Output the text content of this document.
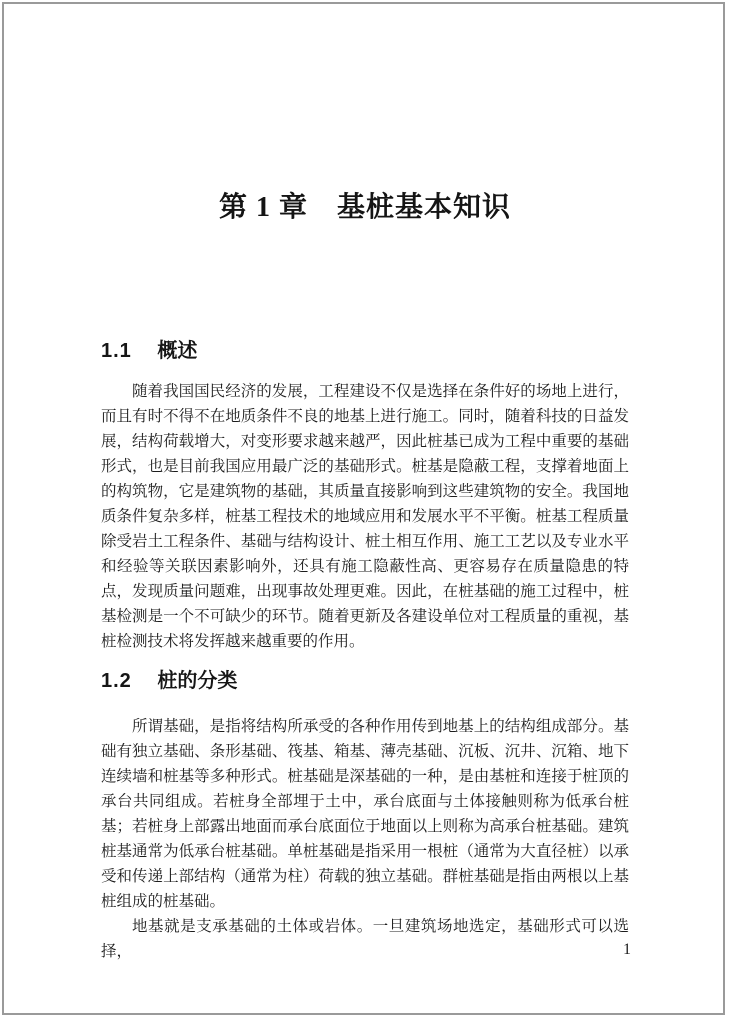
第 1 章　基桩基本知识
1.1 概述

随着我国国民经济的发展，工程建设不仅是选择在条件好的场地上进行，而且有时不得不在地质条件不良的地基上进行施工。同时，随着科技的日益发展，结构荷载增大，对变形要求越来越严，因此桩基已成为工程中重要的基础形式，也是目前我国应用最广泛的基础形式。桩基是隐蔽工程，支撑着地面上的构筑物，它是建筑物的基础，其质量直接影响到这些建筑物的安全。我国地质条件复杂多样，桩基工程技术的地域应用和发展水平不平衡。桩基工程质量除受岩土工程条件、基础与结构设计、桩土相互作用、施工工艺以及专业水平和经验等关联因素影响外，还具有施工隐蔽性高、更容易存在质量隐患的特点，发现质量问题难，出现事故处理更难。因此，在桩基础的施工过程中，桩基检测是一个不可缺少的环节。随着更新及各建设单位对工程质量的重视，基桩检测技术将发挥越来越重要的作用。

1.2 桩的分类

所谓基础，是指将结构所承受的各种作用传到地基上的结构组成部分。基础有独立基础、条形基础、筏基、箱基、薄壳基础、沉板、沉井、沉箱、地下连续墙和桩基等多种形式。桩基础是深基础的一种，是由基桩和连接于桩顶的承台共同组成。若桩身全部埋于土中，承台底面与土体接触则称为低承台桩基；若桩身上部露出地面而承台底面位于地面以上则称为高承台桩基础。建筑桩基通常为低承台桩基础。单桩基础是指采用一根桩（通常为大直径桩）以承受和传递上部结构（通常为柱）荷载的独立基础。群桩基础是指由两根以上基桩组成的桩基础。

地基就是支承基础的土体或岩体。一旦建筑场地选定，基础形式可以选择，	1
